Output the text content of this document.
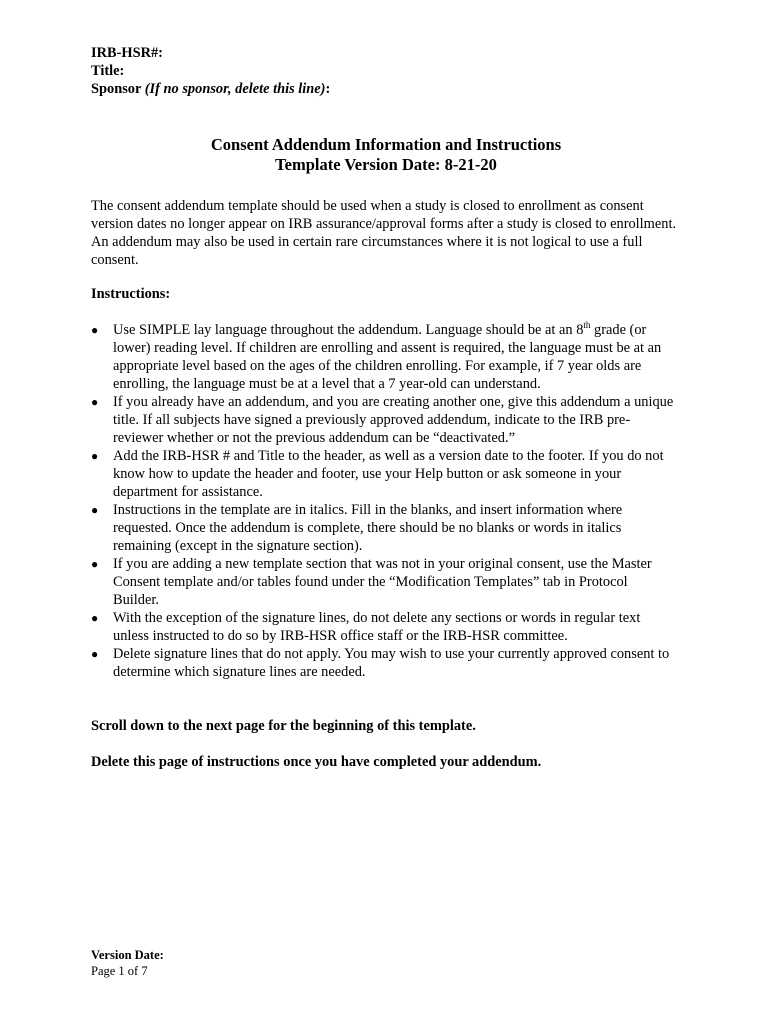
IRB-HSR#:
Title:
Sponsor (If no sponsor, delete this line):
Consent Addendum Information and Instructions
Template Version Date: 8-21-20
The consent addendum template should be used when a study is closed to enrollment as consent version dates no longer appear on IRB assurance/approval forms after a study is closed to enrollment. An addendum may also be used in certain rare circumstances where it is not logical to use a full consent.
Instructions:
● Use SIMPLE lay language throughout the addendum. Language should be at an 8th grade (or lower) reading level. If children are enrolling and assent is required, the language must be at an appropriate level based on the ages of the children enrolling. For example, if 7 year olds are enrolling, the language must be at a level that a 7 year-old can understand.
● If you already have an addendum, and you are creating another one, give this addendum a unique title. If all subjects have signed a previously approved addendum, indicate to the IRB pre-reviewer whether or not the previous addendum can be “deactivated.”
● Add the IRB-HSR # and Title to the header, as well as a version date to the footer. If you do not know how to update the header and footer, use your Help button or ask someone in your department for assistance.
● Instructions in the template are in italics. Fill in the blanks, and insert information where requested. Once the addendum is complete, there should be no blanks or words in italics remaining (except in the signature section).
● If you are adding a new template section that was not in your original consent, use the Master Consent template and/or tables found under the “Modification Templates” tab in Protocol Builder.
● With the exception of the signature lines, do not delete any sections or words in regular text unless instructed to do so by IRB-HSR office staff or the IRB-HSR committee.
● Delete signature lines that do not apply. You may wish to use your currently approved consent to determine which signature lines are needed.
Scroll down to the next page for the beginning of this template.
Delete this page of instructions once you have completed your addendum.
Version Date:
Page 1 of 7
